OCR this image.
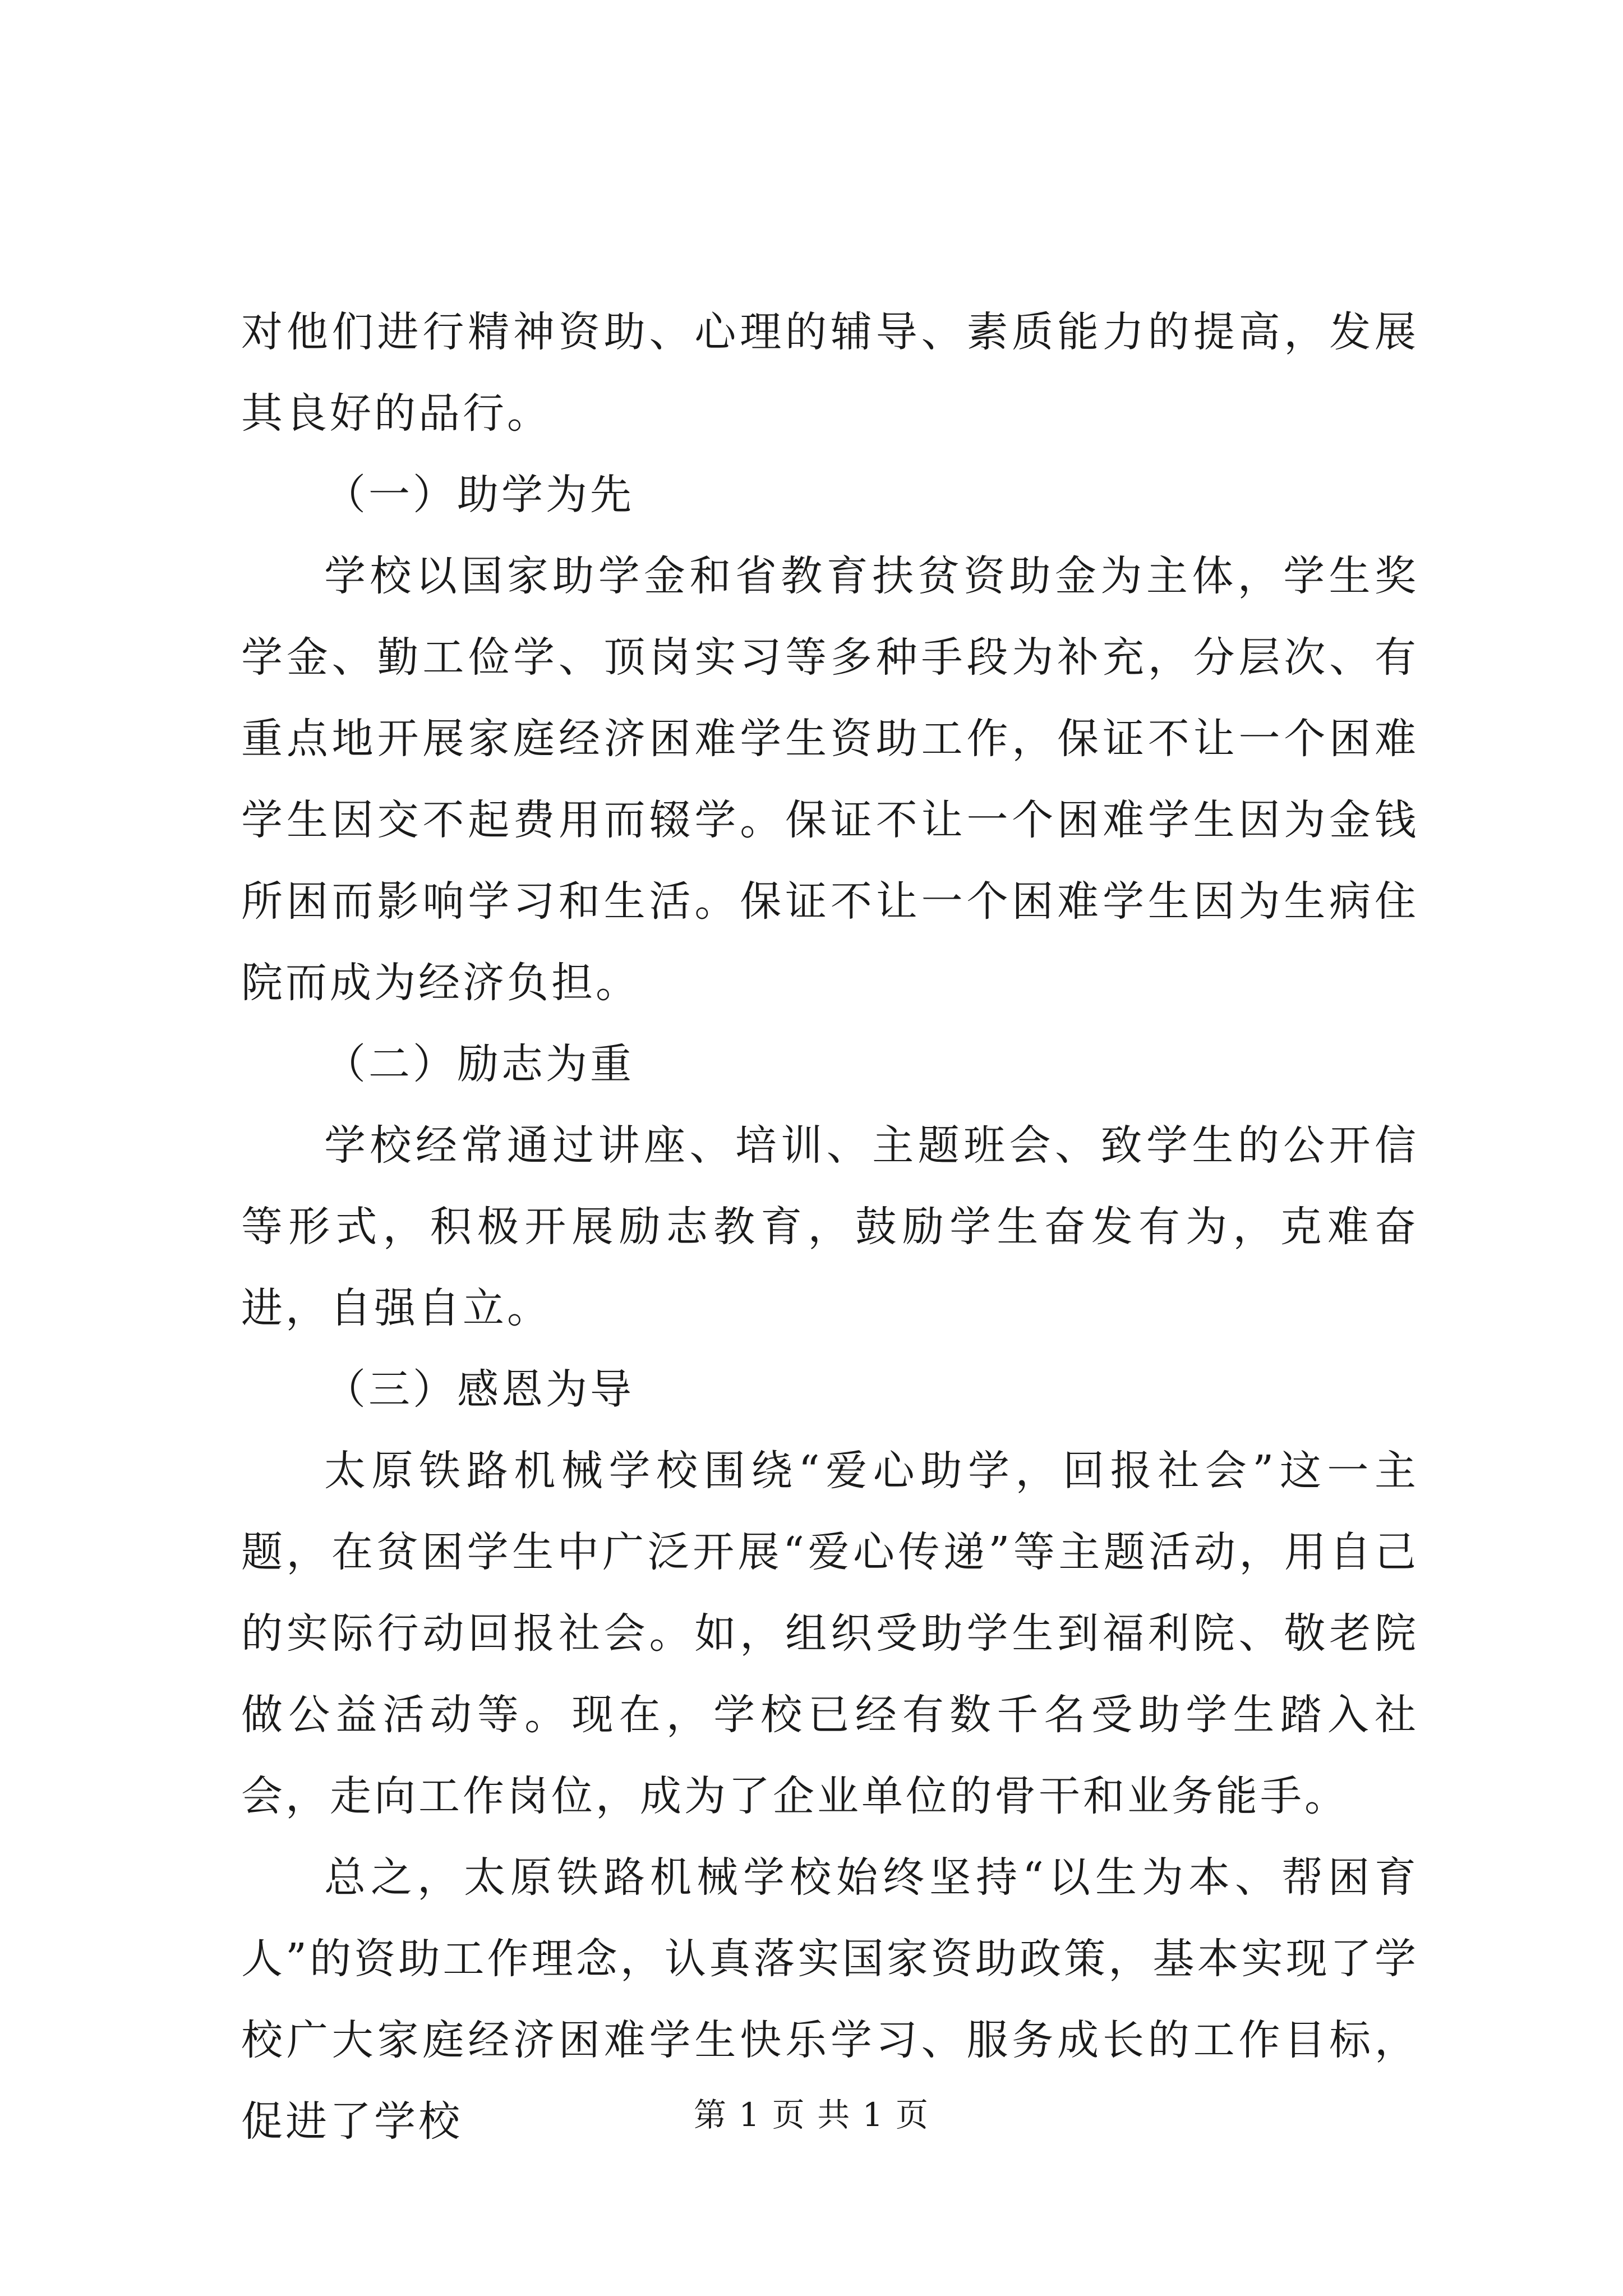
对他们进行精神资助、心理的辅导、素质能力的提高，发展其良好的品行。

（一）助学为先

学校以国家助学金和省教育扶贫资助金为主体，学生奖学金、勤工俭学、顶岗实习等多种手段为补充，分层次、有重点地开展家庭经济困难学生资助工作，保证不让一个困难学生因交不起费用而辍学。保证不让一个困难学生因为金钱所困而影响学习和生活。保证不让一个困难学生因为生病住院而成为经济负担。

（二）励志为重

学校经常通过讲座、培训、主题班会、致学生的公开信等形式，积极开展励志教育，鼓励学生奋发有为，克难奋进，自强自立。

（三）感恩为导

太原铁路机械学校围绕“爱心助学，回报社会”这一主题，在贫困学生中广泛开展“爱心传递”等主题活动，用自己的实际行动回报社会。如，组织受助学生到福利院、敬老院做公益活动等。现在，学校已经有数千名受助学生踏入社会，走向工作岗位，成为了企业单位的骨干和业务能手。

总之，太原铁路机械学校始终坚持“以生为本、帮困育人”的资助工作理念，认真落实国家资助政策，基本实现了学校广大家庭经济困难学生快乐学习、服务成长的工作目标，促进了学校	第 1 页 共 1 页
